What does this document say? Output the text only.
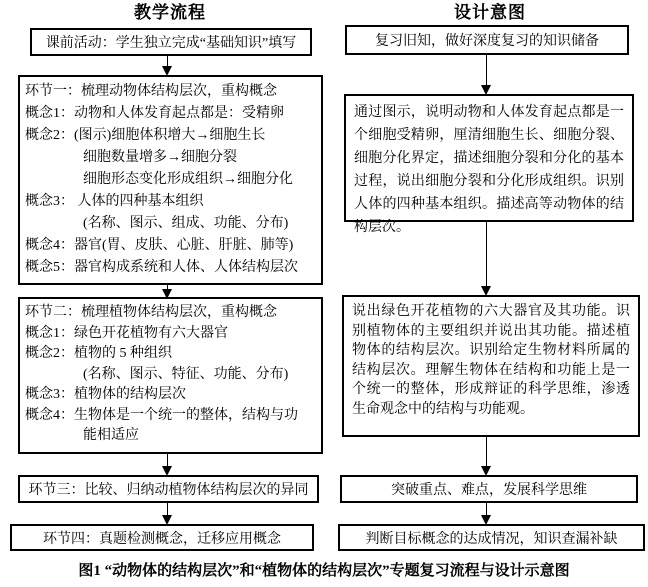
教学流程	设计意图
课前活动：学生独立完成“基础知识”填写
环节一：梳理动物体结构层次，重构概念
概念1：动物和人体发育起点都是：受精卵
概念2：(图示)细胞体积增大→细胞生长
细胞数量增多→细胞分裂
细胞形态变化形成组织→细胞分化
概念3： 人体的四种基本组织
(名称、图示、组成、功能、分布)
概念4：器官(胃、皮肤、心脏、肝脏、肺等)
概念5：器官构成系统和人体、人体结构层次
环节二：梳理植物体结构层次，重构概念
概念1：绿色开花植物有六大器官
概念2：植物的 5 种组织
(名称、图示、特征、功能、分布)
概念3：植物体的结构层次
概念4：生物体是一个统一的整体，结构与功
能相适应
环节三：比较、归纳动植物体结构层次的异同
环节四：真题检测概念，迁移应用概念
复习旧知，做好深度复习的知识储备
通过图示，说明动物和人体发育起点都是一个细胞受精卵，厘清细胞生长、细胞分裂、细胞分化界定，描述细胞分裂和分化的基本过程，说出细胞分裂和分化形成组织。识别人体的四种基本组织。描述高等动物体的结构层次。
说出绿色开花植物的六大器官及其功能。识别植物体的主要组织并说出其功能。描述植物体的结构层次。识别给定生物材料所属的结构层次。理解生物体在结构和功能上是一个统一的整体，形成辩证的科学思维，渗透生命观念中的结构与功能观。
突破重点、难点，发展科学思维
判断目标概念的达成情况，知识查漏补缺
图1 “动物体的结构层次”和“植物体的结构层次”专题复习流程与设计示意图
